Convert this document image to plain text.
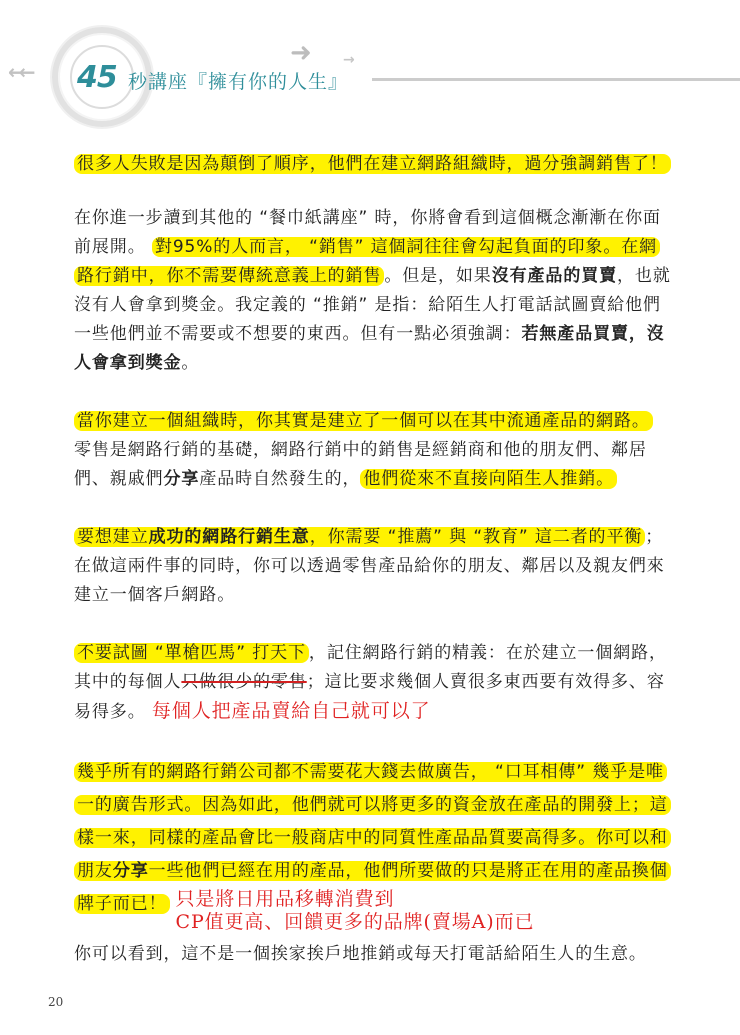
←←
➜ →
45 秒講座『擁有你的人生』

很多人失敗是因為顛倒了順序，他們在建立網路組織時，過分強調銷售了！

在你進一步讀到其他的 “餐巾紙講座” 時，你將會看到這個概念漸漸在你面前展開。 對95%的人而言， “銷售” 這個詞往往會勾起負面的印象。在網路行銷中，你不需要傳統意義上的銷售 。但是，如果沒有產品的買賣，也就沒有人會拿到獎金。我定義的 “推銷” 是指：給陌生人打電話試圖賣給他們一些他們並不需要或不想要的東西。但有一點必須強調：若無產品買賣，沒人會拿到獎金。

當你建立一個組織時，你其實是建立了一個可以在其中流通產品的網路。
零售是網路行銷的基礎，網路行銷中的銷售是經銷商和他的朋友們、鄰居們、親戚們分享產品時自然發生的， 他們從來不直接向陌生人推銷。

要想建立成功的網路行銷生意，你需要 “推薦” 與 “教育” 這二者的平衡 ；在做這兩件事的同時，你可以透過零售產品給你的朋友、鄰居以及親友們來建立一個客戶網路。

不要試圖 “單槍匹馬” 打天下 ，記住網路行銷的精義：在於建立一個網路，其中的每個人只做很少的零售；這比要求幾個人賣很多東西要有效得多、容易得多。 每個人把產品賣給自己就可以了

幾乎所有的網路行銷公司都不需要花大錢去做廣告， “口耳相傳” 幾乎是唯一的廣告形式。因為如此，他們就可以將更多的資金放在產品的開發上；這樣一來，同樣的產品會比一般商店中的同質性產品品質要高得多。你可以和朋友分享一些他們已經在用的產品，他們所要做的只是將正在用的產品換個牌子而已！ 只是將日用品移轉消費到
CP值更高、回饋更多的品牌(賣場A)而已

你可以看到，這不是一個挨家挨戶地推銷或每天打電話給陌生人的生意。

20
